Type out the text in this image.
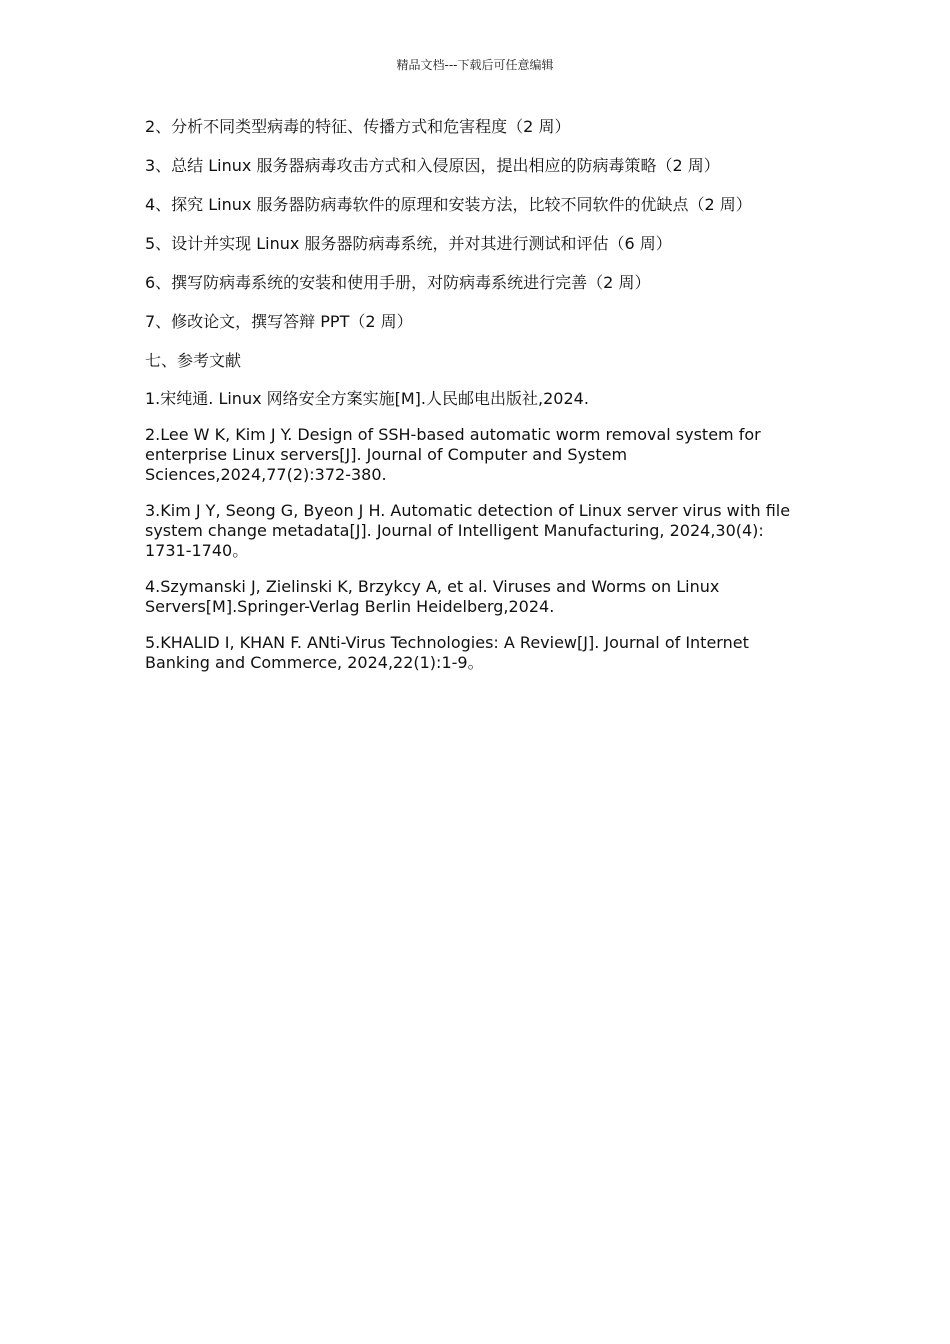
精品文档---下载后可任意编辑
2、分析不同类型病毒的特征、传播方式和危害程度（2 周）
3、总结 Linux 服务器病毒攻击方式和入侵原因，提出相应的防病毒策略（2 周）
4、探究 Linux 服务器防病毒软件的原理和安装方法，比较不同软件的优缺点（2 周）
5、设计并实现 Linux 服务器防病毒系统，并对其进行测试和评估（6 周）
6、撰写防病毒系统的安装和使用手册，对防病毒系统进行完善（2 周）
7、修改论文，撰写答辩 PPT（2 周）
七、参考文献
1.宋纯通. Linux 网络安全方案实施[M].人民邮电出版社,2024.
2.Lee W K, Kim J Y. Design of SSH-based automatic worm removal system for enterprise Linux servers[J]. Journal of Computer and System Sciences,2024,77(2):372-380.
3.Kim J Y, Seong G, Byeon J H. Automatic detection of Linux server virus with file system change metadata[J]. Journal of Intelligent Manufacturing, 2024,30(4): 1731-1740。
4.Szymanski J, Zielinski K, Brzykcy A, et al. Viruses and Worms on Linux Servers[M].Springer-Verlag Berlin Heidelberg,2024.
5.KHALID I, KHAN F. ANti-Virus Technologies: A Review[J]. Journal of Internet Banking and Commerce, 2024,22(1):1-9。
